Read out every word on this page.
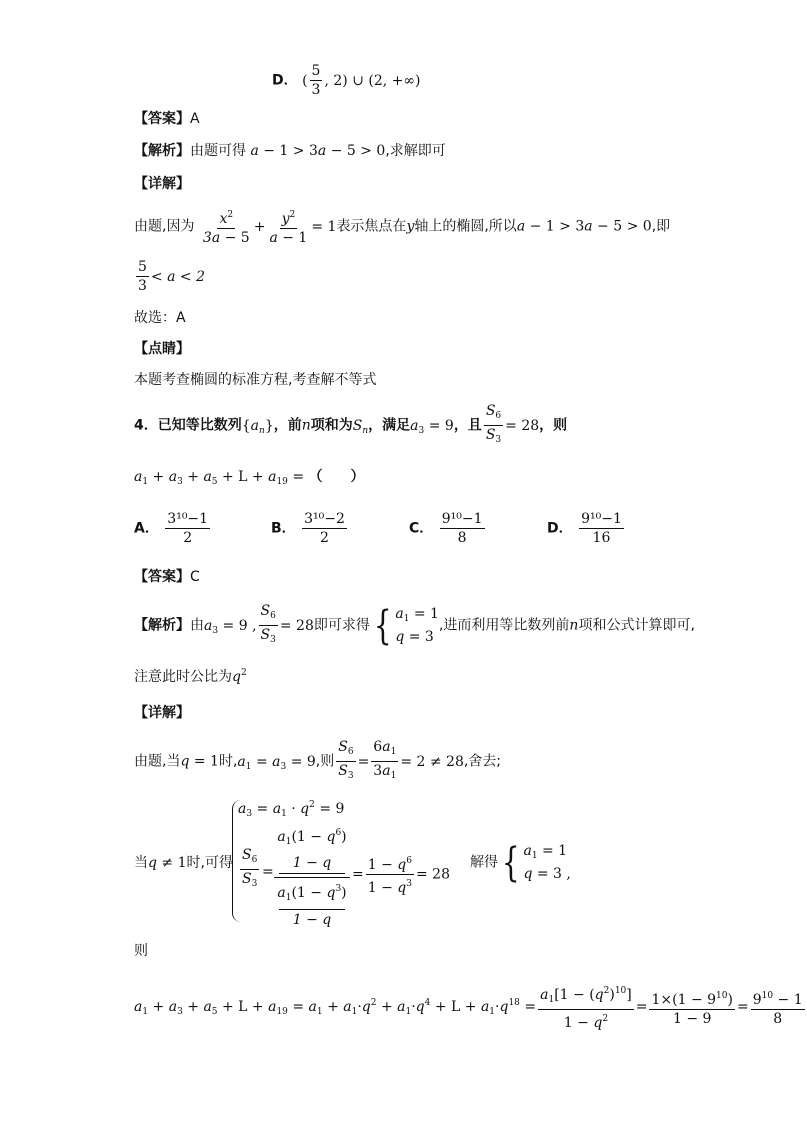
D． ( $\frac{5}{3}$ , 2) ∪ (2, +∞)
【答案】A
【解析】由题可得 a − 1 > 3a − 5 > 0,求解即可
【详解】
由题,因为 $\frac{x^2}{3a - 5} + \frac{y^2}{a - 1} = 1$表示焦点在y轴上的椭圆,所以a − 1 > 3a − 5 > 0,即
$\frac{5}{3} < a < 2$
故选：A
【点睛】
本题考查椭圆的标准方程,考查解不等式
4．已知等比数列$\{a_n\}$，前n项和为$S_n$，满足$a_3 = 9$，且 $\frac{S_6}{S_3} = 28$，则
$a_1 + a_3 + a_5 + L + a_{19}$ = （　　）
A． $\frac{\text{3¹⁰−1}}{2}$	B． $\frac{\text{3¹⁰−2}}{2}$	C． $\frac{\text{9¹⁰−1}}{8}$	D． $\frac{\text{9¹⁰−1}}{16}$
【答案】C
【解析】由$a_3 = 9$ , $\frac{S_6}{S_3} = 28$即可求得{ $a_1 = 1$
q = 3
,进而利用等比数列前n项和公式计算即可,
注意此时公比为$q^2$
【详解】
由题,当q = 1时$,a_1 = a_3 = 9$,则 $\frac{S_6}{S_3} = \frac{6a_1}{3a_1} = 2 \ne 28$,舍去;
$a_3 = a_1 \cdot q^2 = 9$
当q ≠ 1时,可得 $\frac{S_6}{S_3}$ =
$a_1(1 - q^6)$
1 − q
$a_1(1 - q^3)$
1 − q
= $\frac{1 - q^6}{1 - q^3} = 28$
解得{ $a_1 = 1$
q = 3 ,
则
$a_1 + a_3 + a_5 + L + a_{19} = a_1 + a_1\cdot q^2 + a_1\cdot q^4 + L + a_1\cdot q^{18} = \frac{a_1[1 - (q^2)^{10}]}{1 - q^2} = \frac{1\times(1 - 9^{10})}{1 - 9} = \frac{9^{10} - 1}{8}$
